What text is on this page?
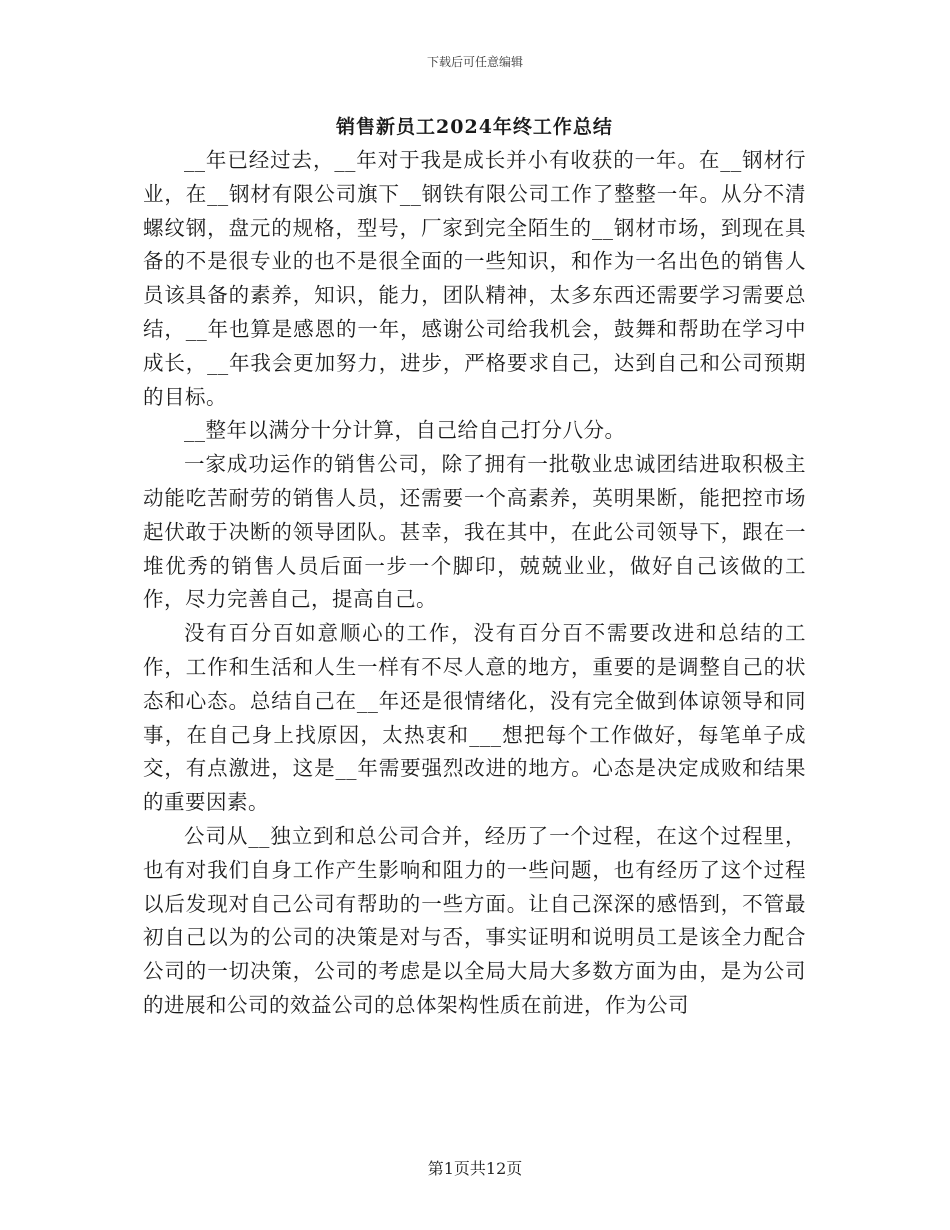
下载后可任意编辑
销售新员工2024年终工作总结

__年已经过去，__年对于我是成长并小有收获的一年。在__钢材行业，在__钢材有限公司旗下__钢铁有限公司工作了整整一年。从分不清螺纹钢，盘元的规格，型号，厂家到完全陌生的__钢材市场，到现在具备的不是很专业的也不是很全面的一些知识，和作为一名出色的销售人员该具备的素养，知识，能力，团队精神，太多东西还需要学习需要总结，__年也算是感恩的一年，感谢公司给我机会，鼓舞和帮助在学习中成长，__年我会更加努力，进步，严格要求自己，达到自己和公司预期的目标。

__整年以满分十分计算，自己给自己打分八分。

一家成功运作的销售公司，除了拥有一批敬业忠诚团结进取积极主动能吃苦耐劳的销售人员，还需要一个高素养，英明果断，能把控市场起伏敢于决断的领导团队。甚幸，我在其中，在此公司领导下，跟在一堆优秀的销售人员后面一步一个脚印，兢兢业业，做好自己该做的工作，尽力完善自己，提高自己。

没有百分百如意顺心的工作，没有百分百不需要改进和总结的工作，工作和生活和人生一样有不尽人意的地方，重要的是调整自己的状态和心态。总结自己在__年还是很情绪化，没有完全做到体谅领导和同事，在自己身上找原因，太热衷和___想把每个工作做好，每笔单子成交，有点激进，这是__年需要强烈改进的地方。心态是决定成败和结果的重要因素。

公司从__独立到和总公司合并，经历了一个过程，在这个过程里，也有对我们自身工作产生影响和阻力的一些问题，也有经历了这个过程以后发现对自己公司有帮助的一些方面。让自己深深的感悟到，不管最初自己以为的公司的决策是对与否，事实证明和说明员工是该全力配合公司的一切决策，公司的考虑是以全局大局大多数方面为由，是为公司的进展和公司的效益公司的总体架构性质在前进，作为公司

第1页共12页
